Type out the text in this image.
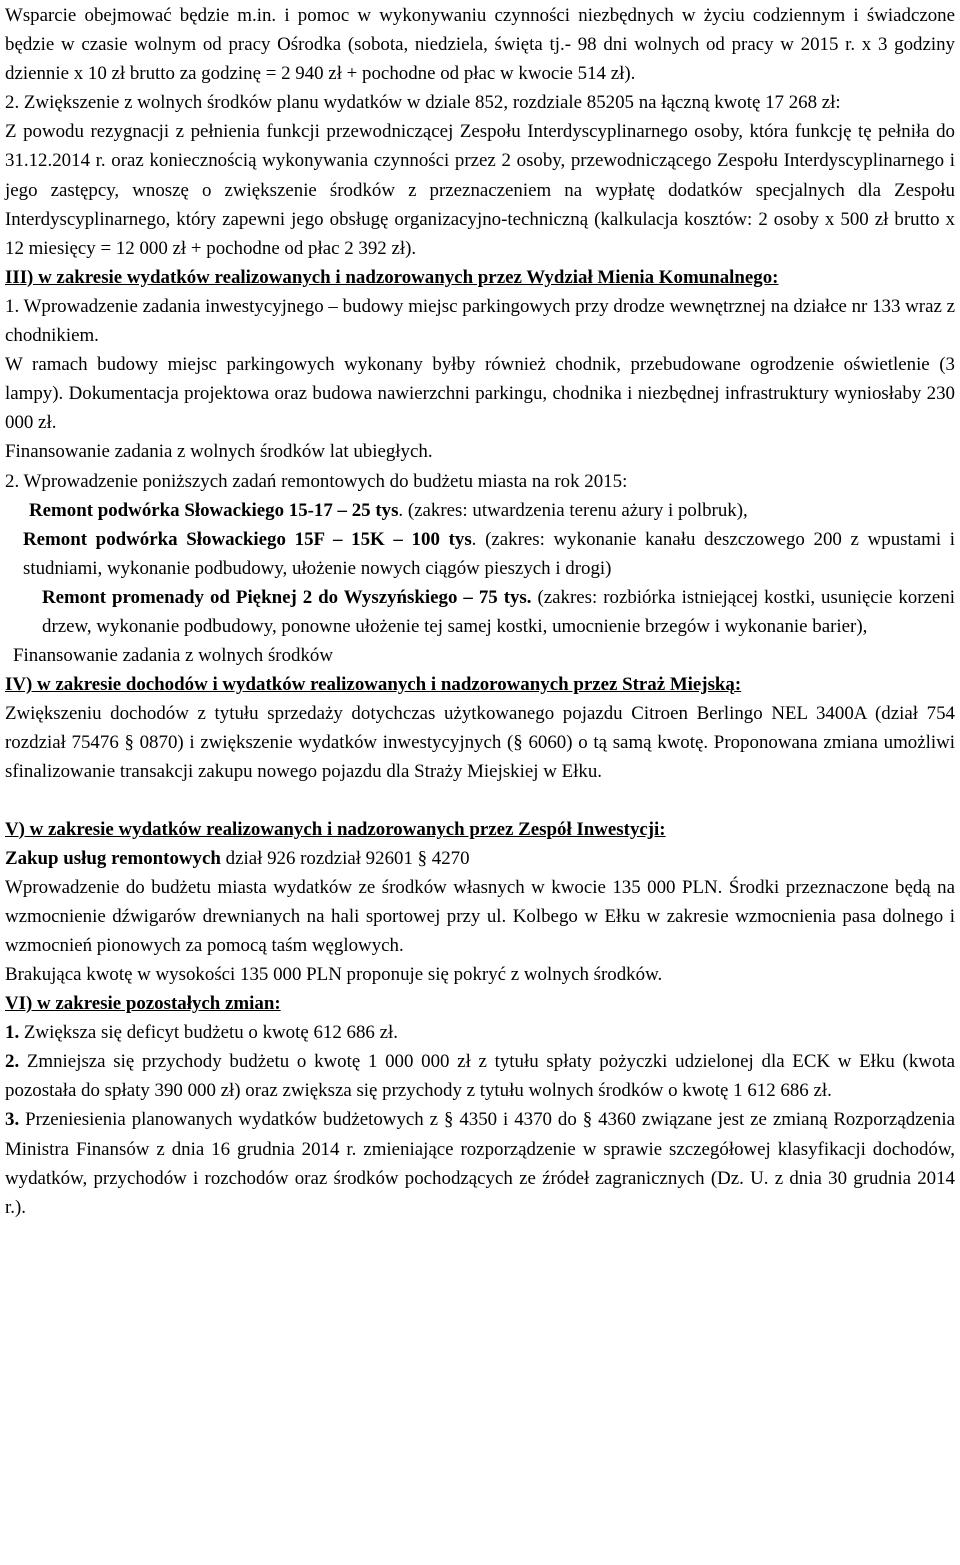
Wsparcie obejmować będzie m.in. i pomoc w wykonywaniu czynności niezbędnych w życiu codziennym i świadczone będzie w czasie wolnym od pracy Ośrodka (sobota, niedziela, święta tj.- 98 dni wolnych od pracy w 2015 r. x 3 godziny dziennie x 10 zł brutto za godzinę = 2 940 zł + pochodne od płac w kwocie 514 zł).

2. Zwiększenie z wolnych środków planu wydatków w dziale 852, rozdziale 85205 na łączną kwotę 17 268 zł:

Z powodu rezygnacji z pełnienia funkcji przewodniczącej Zespołu Interdyscyplinarnego osoby, która funkcję tę pełniła do 31.12.2014 r. oraz koniecznością wykonywania czynności przez 2 osoby, przewodniczącego Zespołu Interdyscyplinarnego i jego zastępcy, wnoszę o zwiększenie środków z przeznaczeniem na wypłatę dodatków specjalnych dla Zespołu Interdyscyplinarnego, który zapewni jego obsługę organizacyjno-techniczną (kalkulacja kosztów: 2 osoby x 500 zł brutto x 12 miesięcy = 12 000 zł + pochodne od płac 2 392 zł).

III) w zakresie wydatków realizowanych i nadzorowanych przez Wydział Mienia Komunalnego:

1. Wprowadzenie zadania inwestycyjnego – budowy miejsc parkingowych przy drodze wewnętrznej na działce nr 133 wraz z chodnikiem.

W ramach budowy miejsc parkingowych wykonany byłby również chodnik, przebudowane ogrodzenie oświetlenie (3 lampy). Dokumentacja projektowa oraz budowa nawierzchni parkingu, chodnika i niezbędnej infrastruktury wyniosłaby 230 000 zł.

Finansowanie zadania z wolnych środków lat ubiegłych.

2. Wprowadzenie poniższych zadań remontowych do budżetu miasta na rok 2015:

Remont podwórka Słowackiego 15-17 – 25 tys. (zakres: utwardzenia terenu ażury i polbruk),

Remont podwórka Słowackiego 15F – 15K – 100 tys. (zakres: wykonanie kanału deszczowego 200 z wpustami i studniami, wykonanie podbudowy, ułożenie nowych ciągów pieszych i drogi)

Remont promenady od Pięknej 2 do Wyszyńskiego – 75 tys. (zakres: rozbiórka istniejącej kostki, usunięcie korzeni drzew, wykonanie podbudowy, ponowne ułożenie tej samej kostki, umocnienie brzegów i wykonanie barier),

Finansowanie zadania z wolnych środków

IV) w zakresie dochodów i wydatków realizowanych i nadzorowanych przez Straż Miejską:

Zwiększeniu dochodów z tytułu sprzedaży dotychczas użytkowanego pojazdu Citroen Berlingo NEL 3400A (dział 754 rozdział 75476 § 0870) i zwiększenie wydatków inwestycyjnych (§ 6060) o tą samą kwotę. Proponowana zmiana umożliwi sfinalizowanie transakcji zakupu nowego pojazdu dla Straży Miejskiej w Ełku.

V) w zakresie wydatków realizowanych i nadzorowanych przez Zespół Inwestycji:

Zakup usług remontowych dział 926 rozdział 92601 § 4270

Wprowadzenie do budżetu miasta wydatków ze środków własnych w kwocie 135 000 PLN. Środki przeznaczone będą na wzmocnienie dźwigarów drewnianych na hali sportowej przy ul. Kolbego w Ełku w zakresie wzmocnienia pasa dolnego i wzmocnień pionowych za pomocą taśm węglowych.

Brakująca kwotę w wysokości 135 000 PLN proponuje się pokryć z wolnych środków.

VI) w zakresie pozostałych zmian:

1. Zwiększa się deficyt budżetu o kwotę 612 686 zł.

2. Zmniejsza się przychody budżetu o kwotę 1 000 000 zł z tytułu spłaty pożyczki udzielonej dla ECK w Ełku (kwota pozostała do spłaty 390 000 zł) oraz zwiększa się przychody z tytułu wolnych środków o kwotę 1 612 686 zł.

3. Przeniesienia planowanych wydatków budżetowych z § 4350 i 4370 do § 4360 związane jest ze zmianą Rozporządzenia Ministra Finansów z dnia 16 grudnia 2014 r. zmieniające rozporządzenie w sprawie szczegółowej klasyfikacji dochodów, wydatków, przychodów i rozchodów oraz środków pochodzących ze źródeł zagranicznych (Dz. U. z dnia 30 grudnia 2014 r.).
